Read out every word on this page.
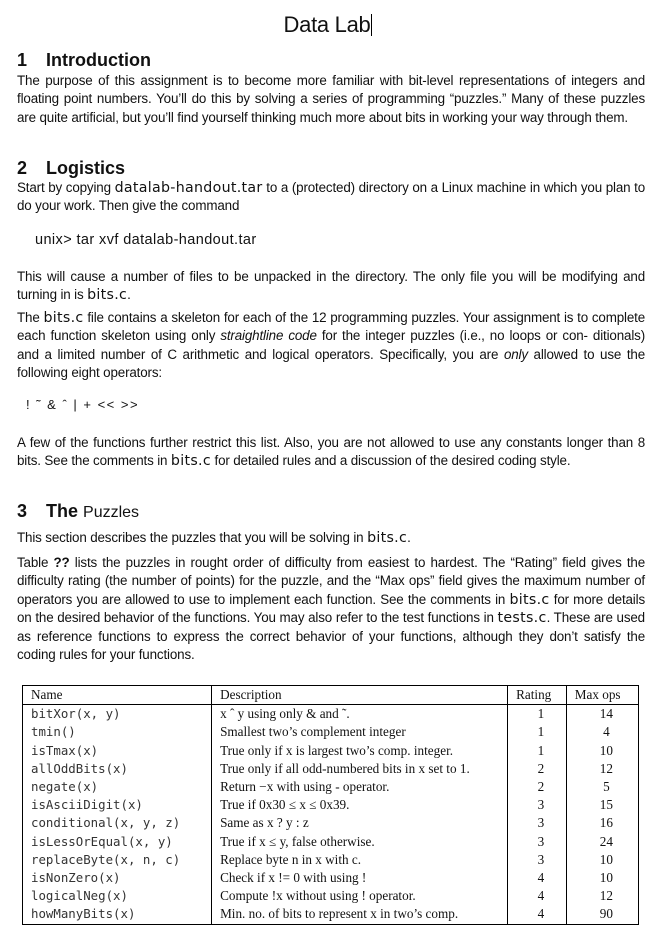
Data Lab
1 Introduction
The purpose of this assignment is to become more familiar with bit-level representations of integers and floating point numbers. You’ll do this by solving a series of programming “puzzles.” Many of these puzzles are quite artificial, but you’ll find yourself thinking much more about bits in working your way through them.
2 Logistics
Start by copying datalab-handout.tar to a (protected) directory on a Linux machine in which you plan to do your work. Then give the command
unix> tar xvf datalab-handout.tar
This will cause a number of files to be unpacked in the directory. The only file you will be modifying and turning in is bits.c.
The bits.c file contains a skeleton for each of the 12 programming puzzles. Your assignment is to complete each function skeleton using only straightline code for the integer puzzles (i.e., no loops or con- ditionals) and a limited number of C arithmetic and logical operators. Specifically, you are only allowed to use the following eight operators:
! ˜ & ˆ | + << >>
A few of the functions further restrict this list. Also, you are not allowed to use any constants longer than 8 bits. See the comments in bits.c for detailed rules and a discussion of the desired coding style.
3 The Puzzles
This section describes the puzzles that you will be solving in bits.c.
Table ?? lists the puzzles in rought order of difficulty from easiest to hardest. The “Rating” field gives the difficulty rating (the number of points) for the puzzle, and the “Max ops” field gives the maximum number of operators you are allowed to use to implement each function. See the comments in bits.c for more details on the desired behavior of the functions. You may also refer to the test functions in tests.c. These are used as reference functions to express the correct behavior of your functions, although they don’t satisfy the coding rules for your functions.
Name	Description	Rating	Max ops
bitXor(x, y)	x ˆ y using only & and ˜.	1	14
tmin()	Smallest two’s complement integer	1	4
isTmax(x)	True only if x is largest two’s comp. integer.	1	10
allOddBits(x)	True only if all odd-numbered bits in x set to 1.	2	12
negate(x)	Return −x with using - operator.	2	5
isAsciiDigit(x)	True if 0x30 ≤ x ≤ 0x39.	3	15
conditional(x, y, z)	Same as x ? y : z	3	16
isLessOrEqual(x, y)	True if x ≤ y, false otherwise.	3	24
replaceByte(x, n, c)	Replace byte n in x with c.	3	10
isNonZero(x)	Check if x != 0 with using !	4	10
logicalNeg(x)	Compute !x without using ! operator.	4	12
howManyBits(x)	Min. no. of bits to represent x in two’s comp.	4	90
